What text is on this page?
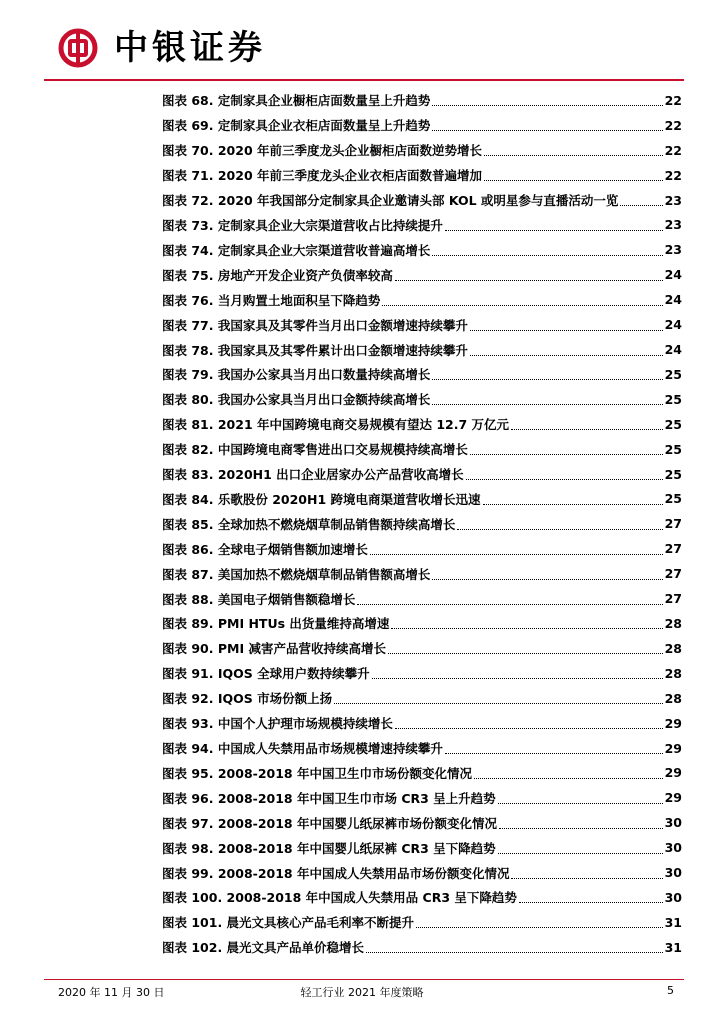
中银证券
图表 68. 定制家具企业橱柜店面数量呈上升趋势	22
图表 69. 定制家具企业衣柜店面数量呈上升趋势	22
图表 70. 2020 年前三季度龙头企业橱柜店面数逆势增长	22
图表 71. 2020 年前三季度龙头企业衣柜店面数普遍增加	22
图表 72. 2020 年我国部分定制家具企业邀请头部 KOL 或明星参与直播活动一览	23
图表 73. 定制家具企业大宗渠道营收占比持续提升	23
图表 74. 定制家具企业大宗渠道营收普遍高增长	23
图表 75. 房地产开发企业资产负债率较高	24
图表 76. 当月购置土地面积呈下降趋势	24
图表 77. 我国家具及其零件当月出口金额增速持续攀升	24
图表 78. 我国家具及其零件累计出口金额增速持续攀升	24
图表 79. 我国办公家具当月出口数量持续高增长	25
图表 80. 我国办公家具当月出口金额持续高增长	25
图表 81. 2021 年中国跨境电商交易规模有望达 12.7 万亿元	25
图表 82. 中国跨境电商零售进出口交易规模持续高增长	25
图表 83. 2020H1 出口企业居家办公产品营收高增长	25
图表 84. 乐歌股份 2020H1 跨境电商渠道营收增长迅速	25
图表 85. 全球加热不燃烧烟草制品销售额持续高增长	27
图表 86. 全球电子烟销售额加速增长	27
图表 87. 美国加热不燃烧烟草制品销售额高增长	27
图表 88. 美国电子烟销售额稳增长	27
图表 89. PMI HTUs 出货量维持高增速	28
图表 90. PMI 减害产品营收持续高增长	28
图表 91. IQOS 全球用户数持续攀升	28
图表 92. IQOS 市场份额上扬	28
图表 93. 中国个人护理市场规模持续增长	29
图表 94. 中国成人失禁用品市场规模增速持续攀升	29
图表 95. 2008-2018 年中国卫生巾市场份额变化情况	29
图表 96. 2008-2018 年中国卫生巾市场 CR3 呈上升趋势	29
图表 97. 2008-2018 年中国婴儿纸尿裤市场份额变化情况	30
图表 98. 2008-2018 年中国婴儿纸尿裤 CR3 呈下降趋势	30
图表 99. 2008-2018 年中国成人失禁用品市场份额变化情况	30
图表 100. 2008-2018 年中国成人失禁用品 CR3 呈下降趋势	30
图表 101. 晨光文具核心产品毛利率不断提升	31
图表 102. 晨光文具产品单价稳增长	31
2020 年 11 月 30 日	轻工行业 2021 年度策略	5
